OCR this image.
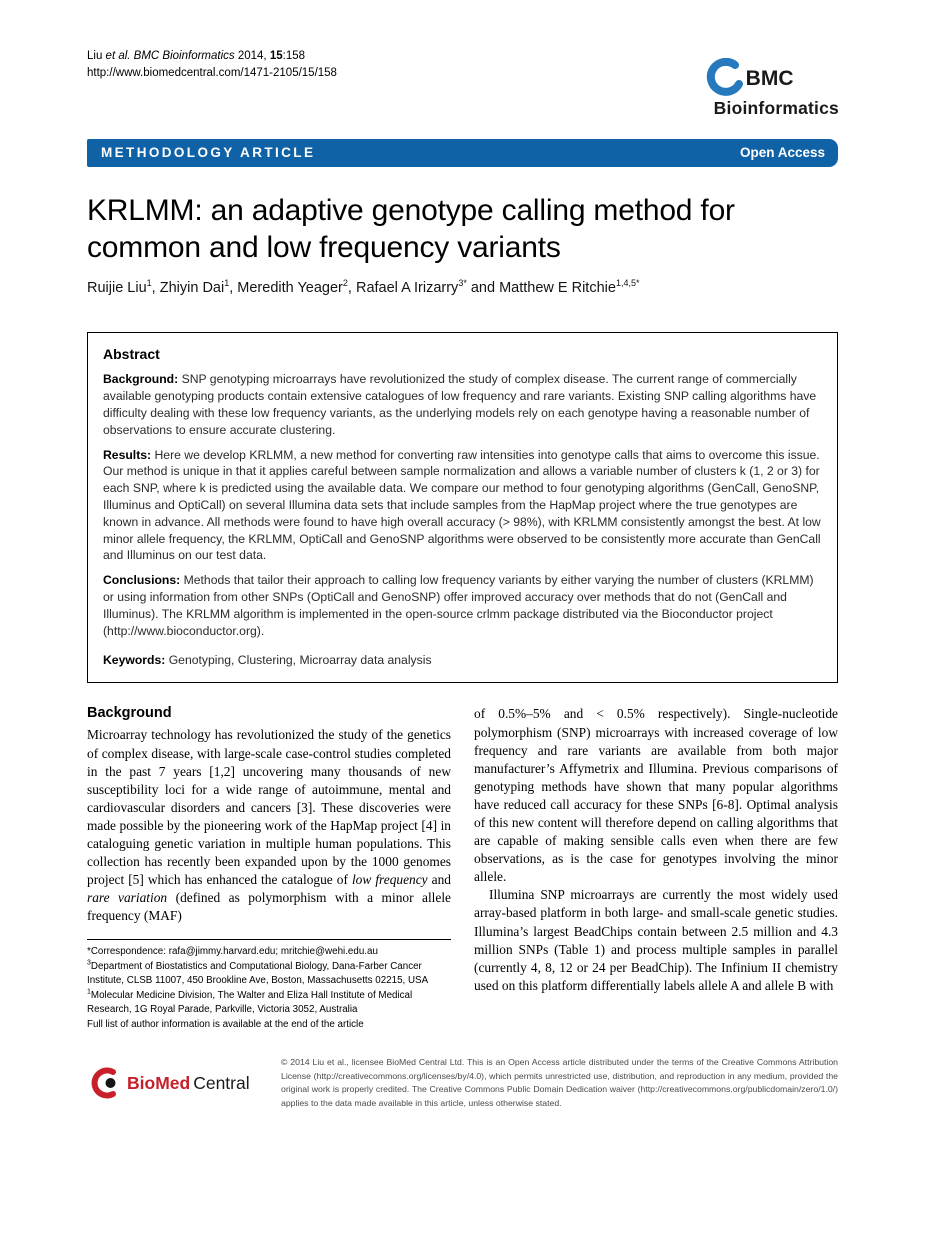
Liu et al. BMC Bioinformatics 2014, 15:158
http://www.biomedcentral.com/1471-2105/15/158	BMC
Bioinformatics
METHODOLOGY ARTICLE	Open Access
KRLMM: an adaptive genotype calling method for common and low frequency variants
Ruijie Liu$^1$, Zhiyin Dai$^1$, Meredith Yeager$^2$, Rafael A Irizarry$^{3*}$ and Matthew E Ritchie$^{1,4,5*}$
Abstract

Background: SNP genotyping microarrays have revolutionized the study of complex disease. The current range of commercially available genotyping products contain extensive catalogues of low frequency and rare variants. Existing SNP calling algorithms have difficulty dealing with these low frequency variants, as the underlying models rely on each genotype having a reasonable number of observations to ensure accurate clustering.

Results: Here we develop KRLMM, a new method for converting raw intensities into genotype calls that aims to overcome this issue. Our method is unique in that it applies careful between sample normalization and allows a variable number of clusters k (1, 2 or 3) for each SNP, where k is predicted using the available data. We compare our method to four genotyping algorithms (GenCall, GenoSNP, Illuminus and OptiCall) on several Illumina data sets that include samples from the HapMap project where the true genotypes are known in advance. All methods were found to have high overall accuracy (> 98%), with KRLMM consistently amongst the best. At low minor allele frequency, the KRLMM, OptiCall and GenoSNP algorithms were observed to be consistently more accurate than GenCall and Illuminus on our test data.

Conclusions: Methods that tailor their approach to calling low frequency variants by either varying the number of clusters (KRLMM) or using information from other SNPs (OptiCall and GenoSNP) offer improved accuracy over methods that do not (GenCall and Illuminus). The KRLMM algorithm is implemented in the open-source crlmm package distributed via the Bioconductor project (http://www.bioconductor.org).

Keywords: Genotyping, Clustering, Microarray data analysis

Background

Microarray technology has revolutionized the study of the genetics of complex disease, with large-scale case-control studies completed in the past 7 years [1,2] uncovering many thousands of new susceptibility loci for a wide range of autoimmune, mental and cardiovascular disorders and cancers [3]. These discoveries were made possible by the pioneering work of the HapMap project [4] in cataloguing genetic variation in multiple human populations. This collection has recently been expanded upon by the 1000 genomes project [5] which has enhanced the catalogue of low frequency and rare variation (defined as polymorphism with a minor allele frequency (MAF)

*Correspondence: rafa@jimmy.harvard.edu; mritchie@wehi.edu.au
$^3$Department of Biostatistics and Computational Biology, Dana-Farber Cancer Institute, CLSB 11007, 450 Brookline Ave, Boston, Massachusetts 02215, USA
$^1$Molecular Medicine Division, The Walter and Eliza Hall Institute of Medical Research, 1G Royal Parade, Parkville, Victoria 3052, Australia
Full list of author information is available at the end of the article

of 0.5%–5% and < 0.5% respectively). Single-nucleotide polymorphism (SNP) microarrays with increased coverage of low frequency and rare variants are available from both major manufacturer’s Affymetrix and Illumina. Previous comparisons of genotyping methods have shown that many popular algorithms have reduced call accuracy for these SNPs [6-8]. Optimal analysis of this new content will therefore depend on calling algorithms that are capable of making sensible calls even when there are few observations, as is the case for genotypes involving the minor allele.

Illumina SNP microarrays are currently the most widely used array-based platform in both large- and small-scale genetic studies. Illumina’s largest BeadChips contain between 2.5 million and 4.3 million SNPs (Table 1) and process multiple samples in parallel (currently 4, 8, 12 or 24 per BeadChip). The Infinium II chemistry used on this platform differentially labels allele A and allele B with

BioMed Central
© 2014 Liu et al., licensee BioMed Central Ltd. This is an Open Access article distributed under the terms of the Creative Commons Attribution License (http://creativecommons.org/licenses/by/4.0), which permits unrestricted use, distribution, and reproduction in any medium, provided the original work is properly credited. The Creative Commons Public Domain Dedication waiver (http://creativecommons.org/publicdomain/zero/1.0/) applies to the data made available in this article, unless otherwise stated.
